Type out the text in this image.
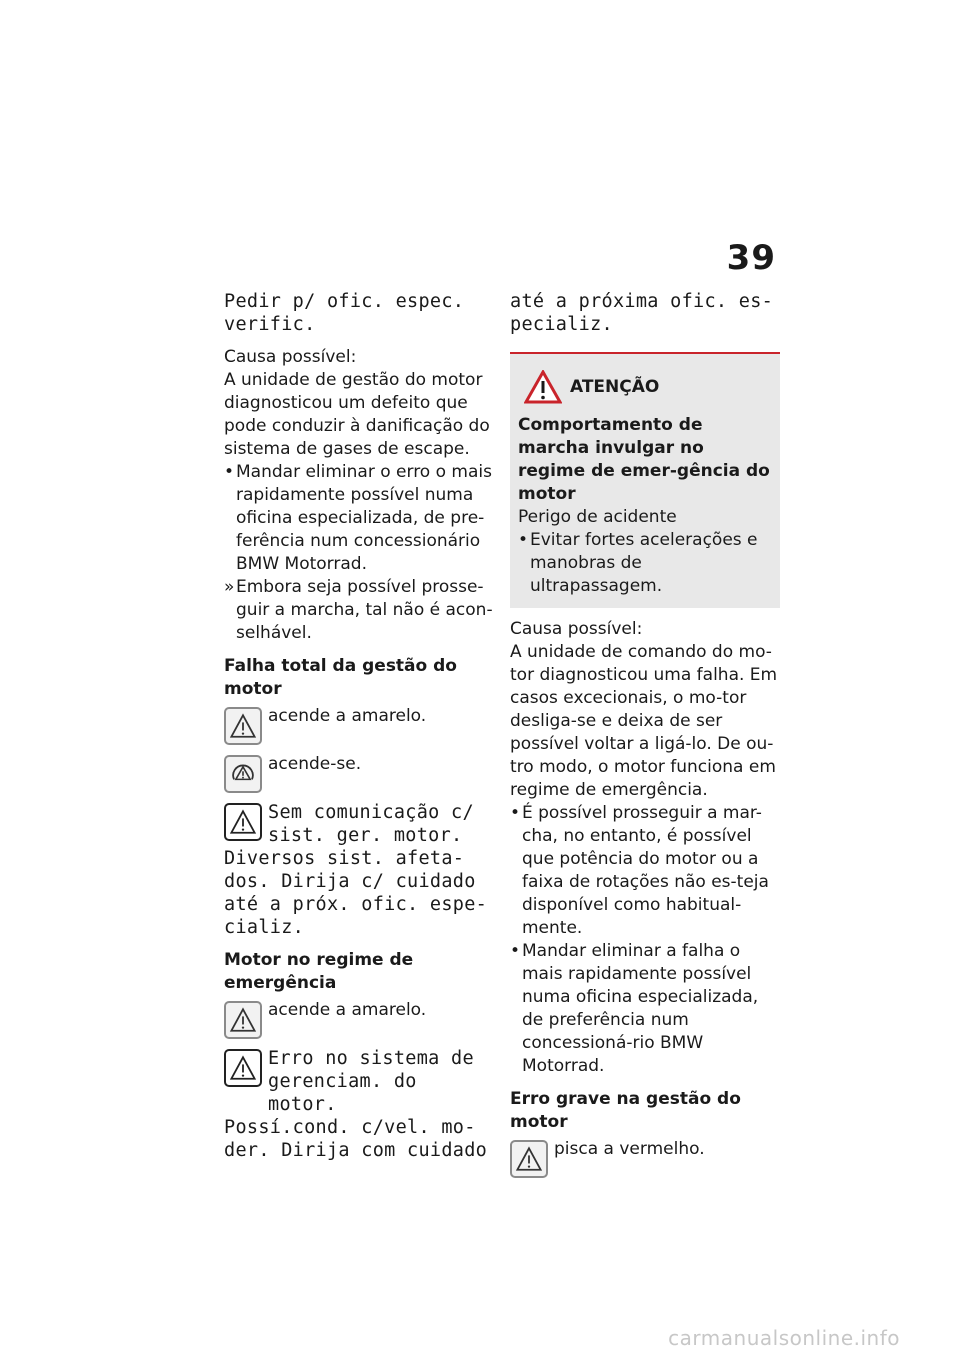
39

Pedir p/ ofic. espec.
verific.

Causa possível:

A unidade de gestão do motor diagnosticou um defeito que pode conduzir à danificação do sistema de gases de escape.

• Mandar eliminar o erro o mais rapidamente possível numa oficina especializada, de pre-ferência num concessionário BMW Motorrad.
» Embora seja possível prosse-guir a marcha, tal não é acon-selhável.

Falha total da gestão do motor

acende a amarelo.
acende-se.

Sem comunicação c/
sist. ger. motor.

Diversos sist. afeta-
dos. Dirija c/ cuidado
até a próx. ofic. espe-
cializ.

Motor no regime de emergência

acende a amarelo.

Erro no sistema de
gerenciam. do motor.

Possí.cond. c/vel. mo-
der. Dirija com cuidado

até a próxima ofic. es-
pecializ.

ATENÇÃO

Comportamento de marcha invulgar no regime de emer-gência do motor

Perigo de acidente

• Evitar fortes acelerações e manobras de ultrapassagem.

Causa possível:

A unidade de comando do mo-tor diagnosticou uma falha. Em casos excecionais, o mo-tor desliga-se e deixa de ser possível voltar a ligá-lo. De ou-tro modo, o motor funciona em regime de emergência.

• É possível prosseguir a mar-cha, no entanto, é possível que potência do motor ou a faixa de rotações não es-teja disponível como habitual-mente.
• Mandar eliminar a falha o mais rapidamente possível numa oficina especializada, de preferência num concessioná-rio BMW Motorrad.

Erro grave na gestão do motor

pisca a vermelho.
carmanualsonline.info
